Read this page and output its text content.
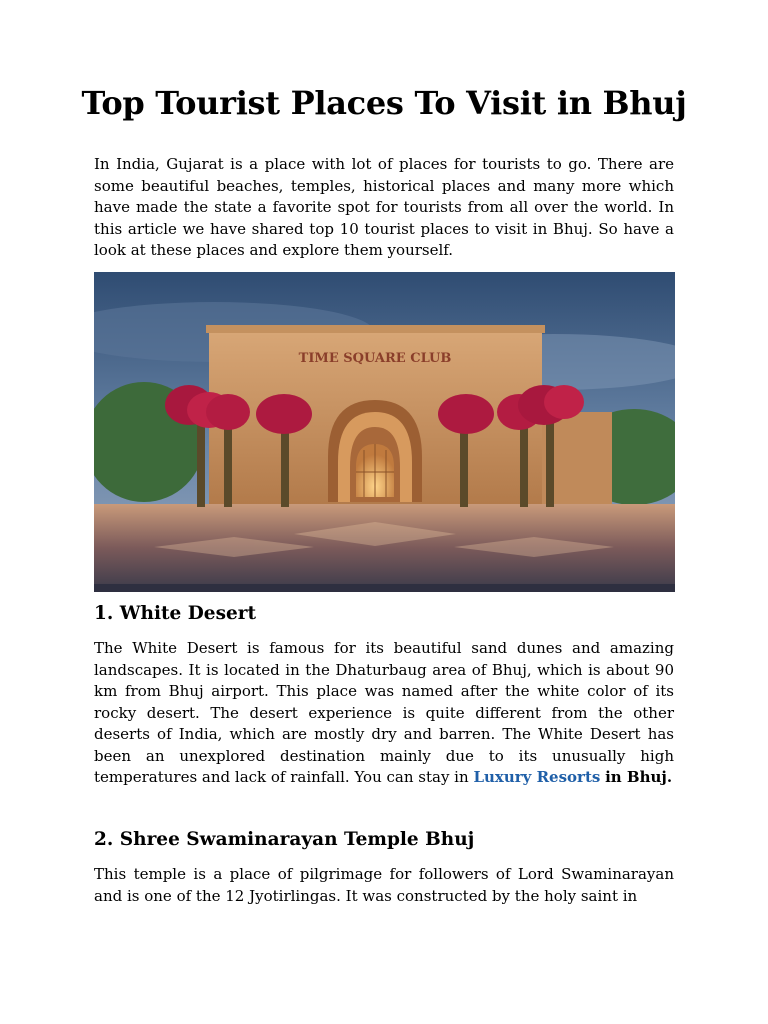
Top Tourist Places To Visit in Bhuj

In India, Gujarat is a place with lot of places for tourists to go. There are some beautiful beaches, temples, historical places and many more which have made the state a favorite spot for tourists from all over the world. In this article we have shared top 10 tourist places to visit in Bhuj. So have a look at these places and explore them yourself.

TIME SQUARE CLUB
1. White Desert

The White Desert is famous for its beautiful sand dunes and amazing landscapes. It is located in the Dhaturbaug area of Bhuj, which is about 90 km from Bhuj airport. This place was named after the white color of its rocky desert. The desert experience is quite different from the other deserts of India, which are mostly dry and barren. The White Desert has been an unexplored destination mainly due to its unusually high temperatures and lack of rainfall. You can stay in Luxury Resorts in Bhuj.

2. Shree Swaminarayan Temple Bhuj

This temple is a place of pilgrimage for followers of Lord Swaminarayan and is one of the 12 Jyotirlingas. It was constructed by the holy saint in
